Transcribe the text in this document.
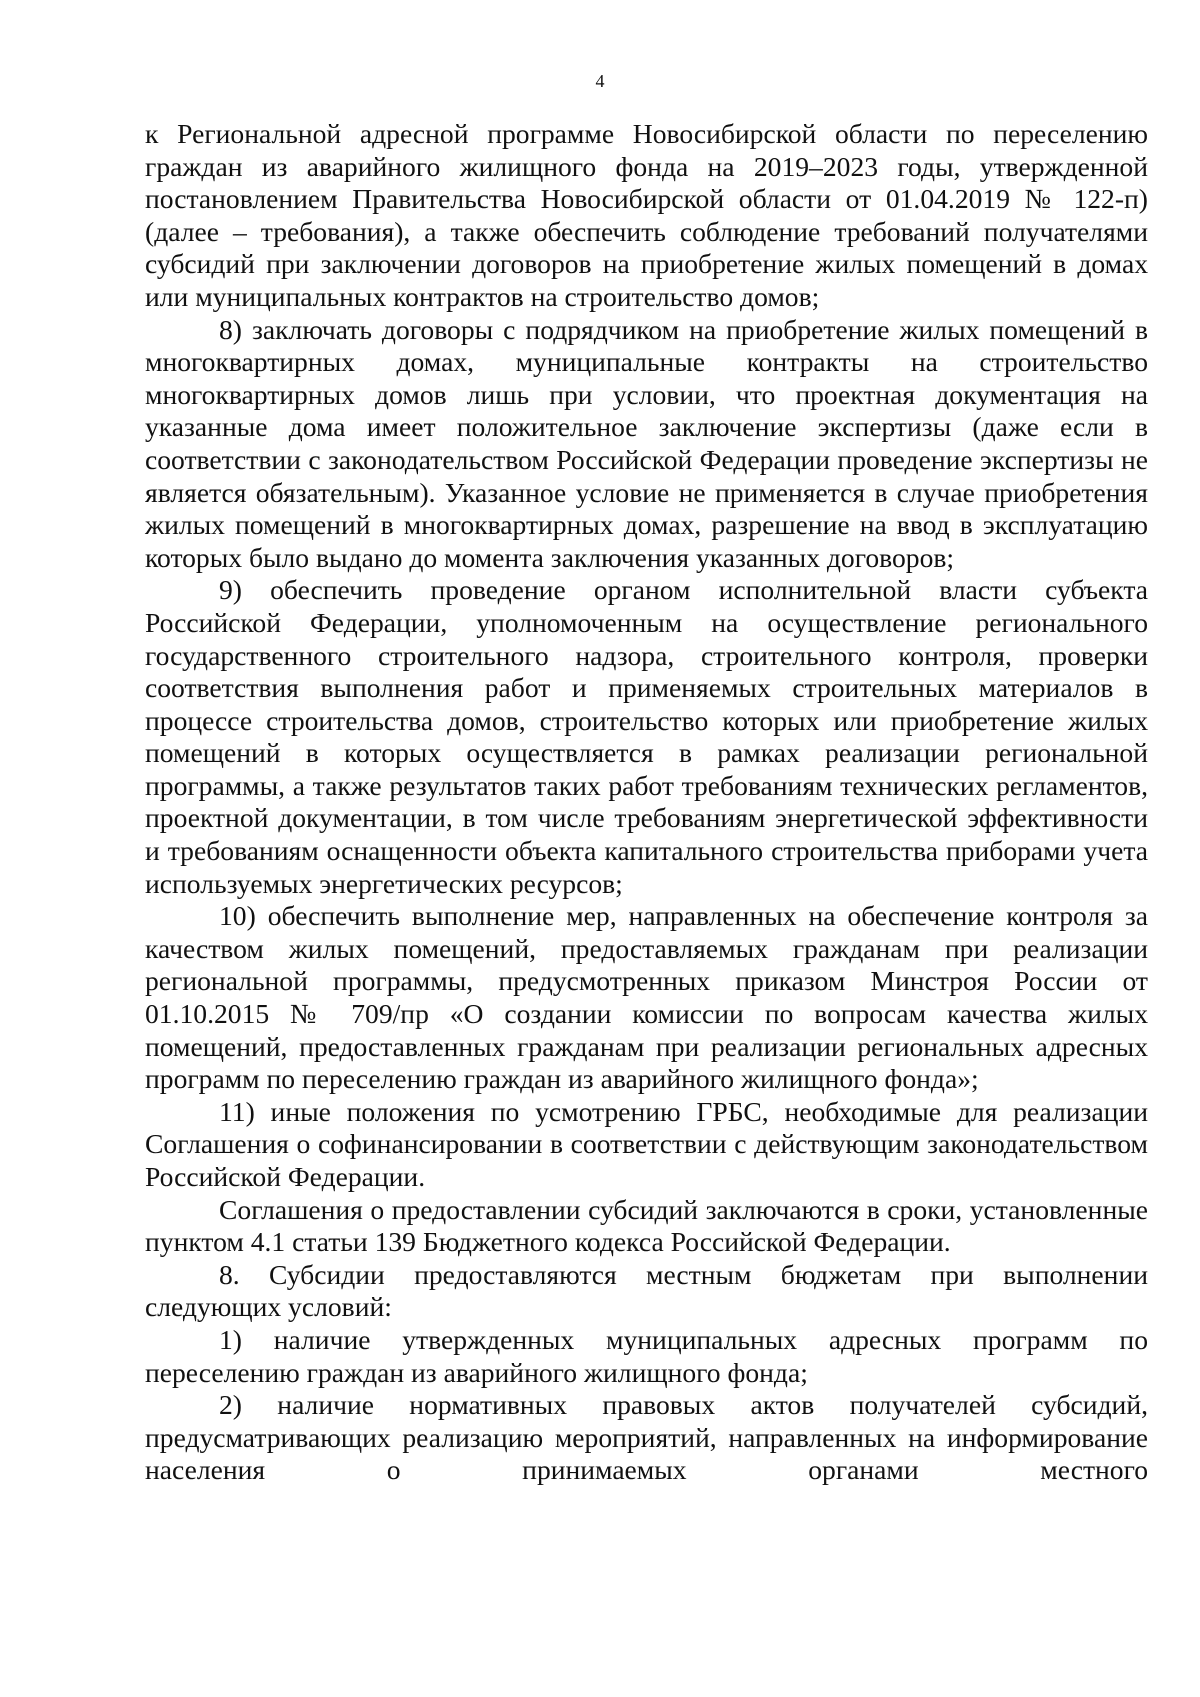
4

к Региональной адресной программе Новосибирской области по переселению граждан из аварийного жилищного фонда на 2019–2023 годы, утвержденной постановлением Правительства Новосибирской области от 01.04.2019 № 122-п) (далее – требования), а также обеспечить соблюдение требований получателями субсидий при заключении договоров на приобретение жилых помещений в домах или муниципальных контрактов на строительство домов;

8) заключать договоры с подрядчиком на приобретение жилых помещений в многоквартирных домах, муниципальные контракты на строительство многоквартирных домов лишь при условии, что проектная документация на указанные дома имеет положительное заключение экспертизы (даже если в соответствии с законодательством Российской Федерации проведение экспертизы не является обязательным). Указанное условие не применяется в случае приобретения жилых помещений в многоквартирных домах, разрешение на ввод в эксплуатацию которых было выдано до момента заключения указанных договоров;

9) обеспечить проведение органом исполнительной власти субъекта Российской Федерации, уполномоченным на осуществление регионального государственного строительного надзора, строительного контроля, проверки соответствия выполнения работ и применяемых строительных материалов в процессе строительства домов, строительство которых или приобретение жилых помещений в которых осуществляется в рамках реализации региональной программы, а также результатов таких работ требованиям технических регламентов, проектной документации, в том числе требованиям энергетической эффективности и требованиям оснащенности объекта капитального строительства приборами учета используемых энергетических ресурсов;

10) обеспечить выполнение мер, направленных на обеспечение контроля за качеством жилых помещений, предоставляемых гражданам при реализации региональной программы, предусмотренных приказом Минстроя России от 01.10.2015 № 709/пр «О создании комиссии по вопросам качества жилых помещений, предоставленных гражданам при реализации региональных адресных программ по переселению граждан из аварийного жилищного фонда»;

11) иные положения по усмотрению ГРБС, необходимые для реализации Соглашения о софинансировании в соответствии с действующим законодательством Российской Федерации.

Соглашения о предоставлении субсидий заключаются в сроки, установленные пунктом 4.1 статьи 139 Бюджетного кодекса Российской Федерации.

8. Субсидии предоставляются местным бюджетам при выполнении следующих условий:

1) наличие утвержденных муниципальных адресных программ по переселению граждан из аварийного жилищного фонда;

2) наличие нормативных правовых актов получателей субсидий, предусматривающих реализацию мероприятий, направленных на информирование населения о принимаемых органами местного
